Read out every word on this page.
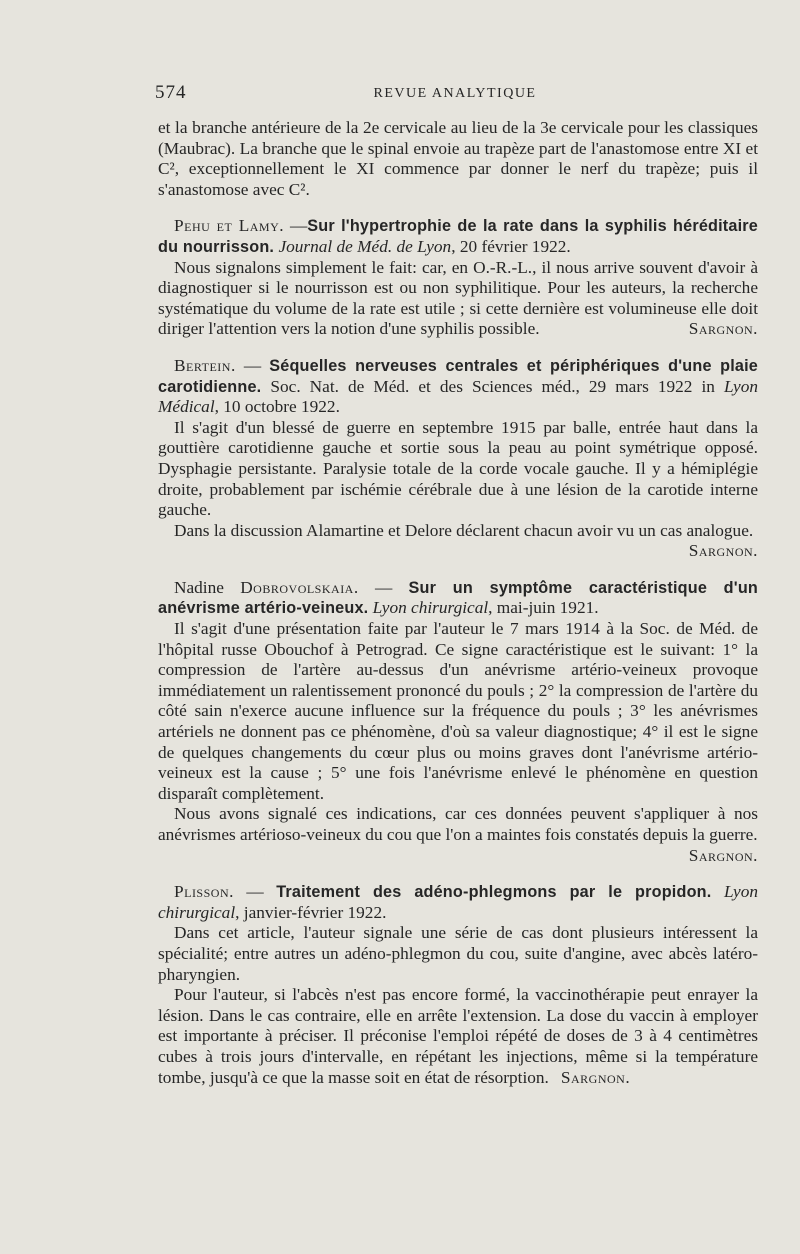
574	REVUE ANALYTIQUE

et la branche antérieure de la 2e cervicale au lieu de la 3e cervicale pour les classiques (Maubrac). La branche que le spinal envoie au trapèze part de l'anastomose entre XI et C², exceptionnellement le XI commence par donner le nerf du trapèze; puis il s'anastomose avec C².

Pehu et Lamy. —Sur l'hypertrophie de la rate dans la syphilis héréditaire du nourrisson. Journal de Méd. de Lyon, 20 février 1922.

Nous signalons simplement le fait: car, en O.-R.-L., il nous arrive souvent d'avoir à diagnostiquer si le nourrisson est ou non syphilitique. Pour les auteurs, la recherche systématique du volume de la rate est utile ; si cette dernière est volumineuse elle doit diriger l'attention vers la notion d'une syphilis possible.	Sargnon.

Bertein. — Séquelles nerveuses centrales et périphériques d'une plaie carotidienne. Soc. Nat. de Méd. et des Sciences méd., 29 mars 1922 in Lyon Médical, 10 octobre 1922.

Il s'agit d'un blessé de guerre en septembre 1915 par balle, entrée haut dans la gouttière carotidienne gauche et sortie sous la peau au point symétrique opposé. Dysphagie persistante. Paralysie totale de la corde vocale gauche. Il y a hémiplégie droite, probablement par ischémie cérébrale due à une lésion de la carotide interne gauche.

Dans la discussion Alamartine et Delore déclarent chacun avoir vu un cas analogue.
Sargnon.

Nadine Dobrovolskaia. — Sur un symptôme caractéristique d'un anévrisme artério-veineux. Lyon chirurgical, mai-juin 1921.

Il s'agit d'une présentation faite par l'auteur le 7 mars 1914 à la Soc. de Méd. de l'hôpital russe Obouchof à Petrograd. Ce signe caractéristique est le suivant: 1° la compression de l'artère au-dessus d'un anévrisme artério-veineux provoque immédiatement un ralentissement prononcé du pouls ; 2° la compression de l'artère du côté sain n'exerce aucune influence sur la fréquence du pouls ; 3° les anévrismes artériels ne donnent pas ce phénomène, d'où sa valeur diagnostique; 4° il est le signe de quelques changements du cœur plus ou moins graves dont l'anévrisme artério-veineux est la cause ; 5° une fois l'anévrisme enlevé le phénomène en question disparaît complètement.

Nous avons signalé ces indications, car ces données peuvent s'appliquer à nos anévrismes artérioso-veineux du cou que l'on a maintes fois constatés depuis la guerre.
Sargnon.

Plisson. — Traitement des adéno-phlegmons par le propidon. Lyon chirurgical, janvier-février 1922.

Dans cet article, l'auteur signale une série de cas dont plusieurs intéressent la spécialité; entre autres un adéno-phlegmon du cou, suite d'angine, avec abcès latéro-pharyngien.

Pour l'auteur, si l'abcès n'est pas encore formé, la vaccinothérapie peut enrayer la lésion. Dans le cas contraire, elle en arrête l'extension. La dose du vaccin à employer est importante à préciser. Il préconise l'emploi répété de doses de 3 à 4 centimètres cubes à trois jours d'intervalle, en répétant les injections, même si la température tombe, jusqu'à ce que la masse soit en état de résorption. Sargnon.
